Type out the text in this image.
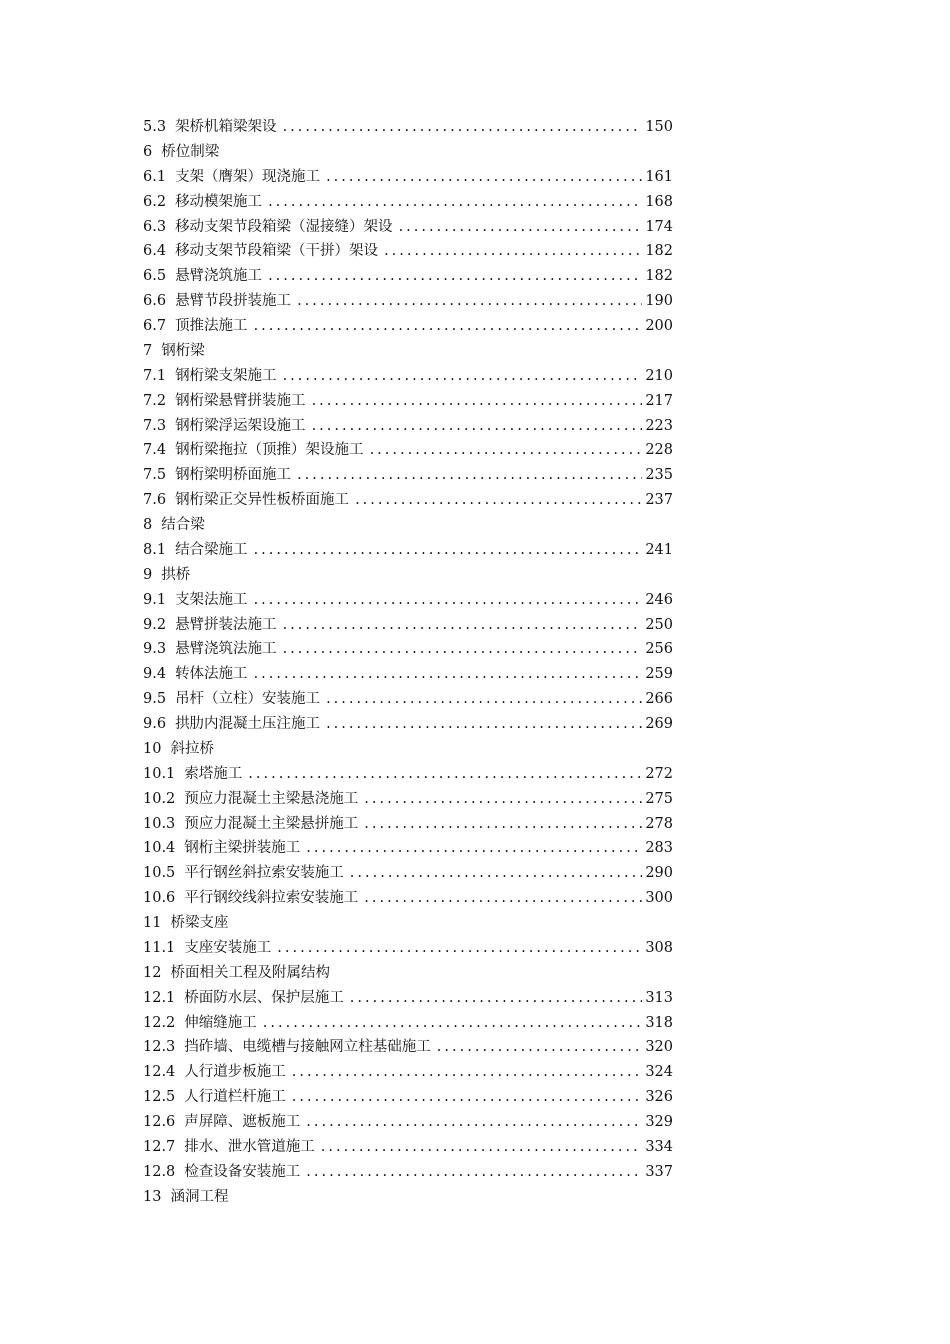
5.3 架桥机箱梁架设 . . .	150
6 桥位制梁
6.1 支架（膺架）现浇施工 . . .	161
6.2 移动模架施工 . . .	168
6.3 移动支架节段箱梁（湿接缝）架设 . . .	174
6.4 移动支架节段箱梁（干拼）架设 . . .	182
6.5 悬臂浇筑施工 . . .	182
6.6 悬臂节段拼装施工 . . .	190
6.7 顶推法施工 . . .	200
7 钢桁梁
7.1 钢桁梁支架施工 . . .	210
7.2 钢桁梁悬臂拼装施工 . . .	217
7.3 钢桁梁浮运架设施工 . . .	223
7.4 钢桁梁拖拉（顶推）架设施工 . . .	228
7.5 钢桁梁明桥面施工 . . .	235
7.6 钢桁梁正交异性板桥面施工 . . .	237
8 结合梁
8.1 结合梁施工 . . .	241
9 拱桥
9.1 支架法施工 . . .	246
9.2 悬臂拼装法施工 . . .	250
9.3 悬臂浇筑法施工 . . .	256
9.4 转体法施工 . . .	259
9.5 吊杆（立柱）安装施工 . . .	266
9.6 拱肋内混凝土压注施工 . . .	269
10 斜拉桥
10.1 索塔施工 . . .	272
10.2 预应力混凝土主梁悬浇施工 . . .	275
10.3 预应力混凝土主梁悬拼施工 . . .	278
10.4 钢桁主梁拼装施工 . . .	283
10.5 平行钢丝斜拉索安装施工 . . .	290
10.6 平行钢绞线斜拉索安装施工 . . .	300
11 桥梁支座
11.1 支座安装施工 . . .	308
12 桥面相关工程及附属结构
12.1 桥面防水层、保护层施工 . . .	313
12.2 伸缩缝施工 . . .	318
12.3 挡砟墙、电缆槽与接触网立柱基础施工 . . .	320
12.4 人行道步板施工 . . .	324
12.5 人行道栏杆施工 . . .	326
12.6 声屏障、遮板施工 . . .	329
12.7 排水、泄水管道施工 . . .	334
12.8 检查设备安装施工 . . .	337
13 涵洞工程
